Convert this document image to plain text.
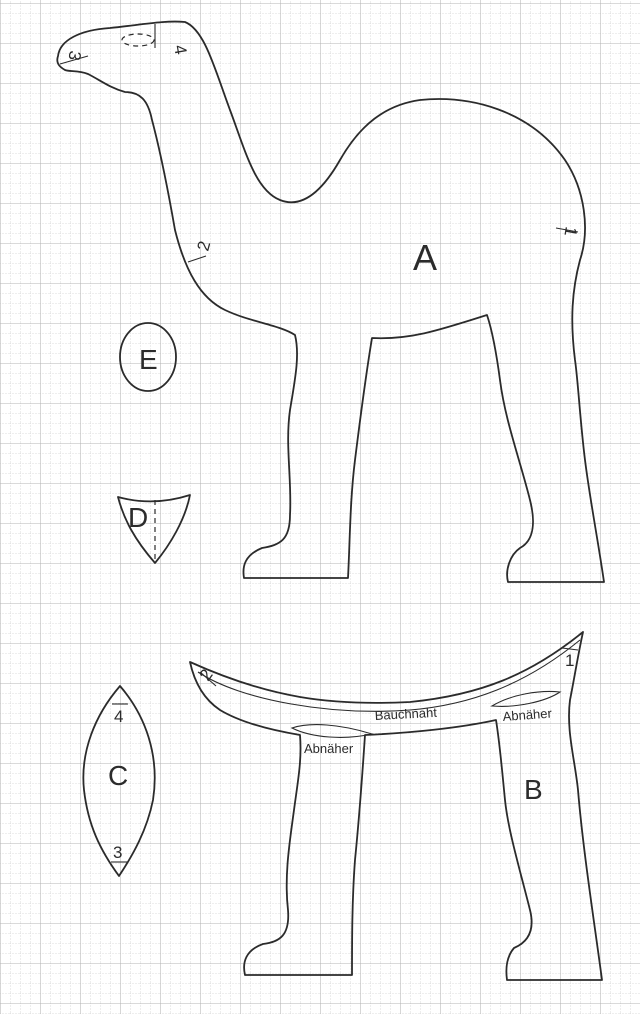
1
2
3	4
A
E
D
4
3
C
2
1
Bauchnaht
Abnäher
Abnäher
B
